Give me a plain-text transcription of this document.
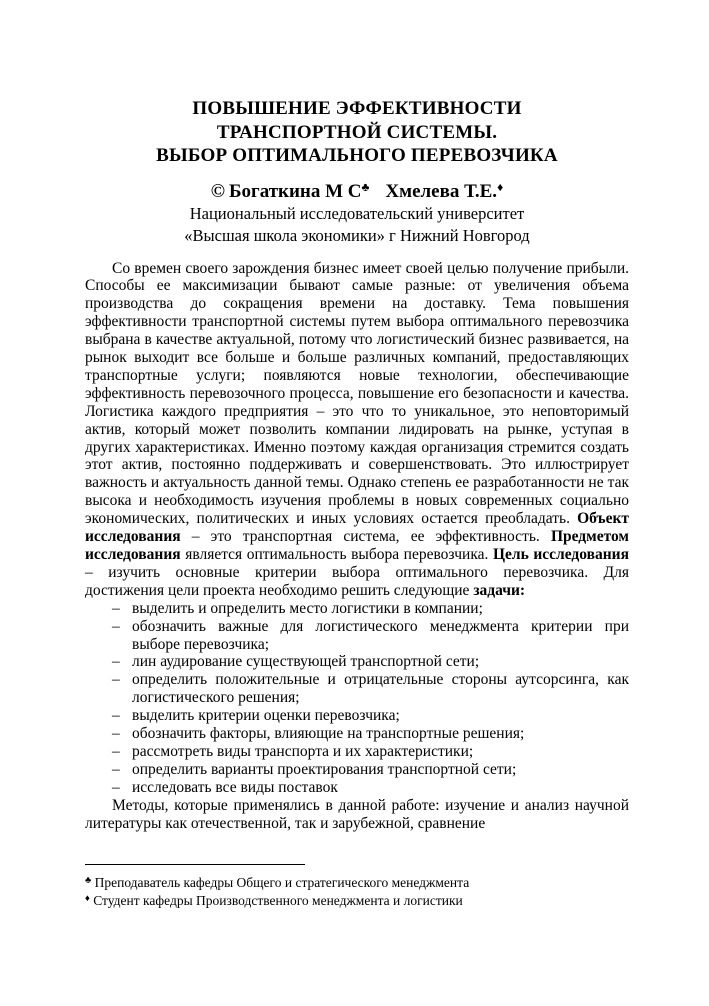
ПОВЫШЕНИЕ ЭФФЕКТИВНОСТИ
ТРАНСПОРТНОЙ СИСТЕМЫ.
ВЫБОР ОПТИМАЛЬНОГО ПЕРЕВОЗЧИКА
© Богаткина М С♣ Хмелева Т.Е.♦
Национальный исследовательский университет
«Высшая школа экономики» г Нижний Новгород

Со времен своего зарождения бизнес имеет своей целью получение прибыли. Способы ее максимизации бывают самые разные: от увеличения объема производства до сокращения времени на доставку. Тема повышения эффективности транспортной системы путем выбора оптимального перевозчика выбрана в качестве актуальной, потому что логистический бизнес развивается, на рынок выходит все больше и больше различных компаний, предоставляющих транспортные услуги; появляются новые технологии, обеспечивающие эффективность перевозочного процесса, повышение его безопасности и качества. Логистика каждого предприятия – это что то уникальное, это неповторимый актив, который может позволить компании лидировать на рынке, уступая в других характеристиках. Именно поэтому каждая организация стремится создать этот актив, постоянно поддерживать и совершенствовать. Это иллюстрирует важность и актуальность данной темы. Однако степень ее разработанности не так высока и необходимость изучения проблемы в новых современных социально экономических, политических и иных условиях остается преобладать. Объект исследования – это транспортная система, ее эффективность. Предметом исследования является оптимальность выбора перевозчика. Цель исследования – изучить основные критерии выбора оптимального перевозчика. Для достижения цели проекта необходимо решить следующие задачи:

– выделить и определить место логистики в компании;
– обозначить важные для логистического менеджмента критерии при выборе перевозчика;
– лин аудирование существующей транспортной сети;
– определить положительные и отрицательные стороны аутсорсинга, как логистического решения;
– выделить критерии оценки перевозчика;
– обозначить факторы, влияющие на транспортные решения;
– рассмотреть виды транспорта и их характеристики;
– определить варианты проектирования транспортной сети;
– исследовать все виды поставок

Методы, которые применялись в данной работе: изучение и анализ научной литературы как отечественной, так и зарубежной, сравнение

♣ Преподаватель кафедры Общего и стратегического менеджмента
♦ Студент кафедры Производственного менеджмента и логистики
